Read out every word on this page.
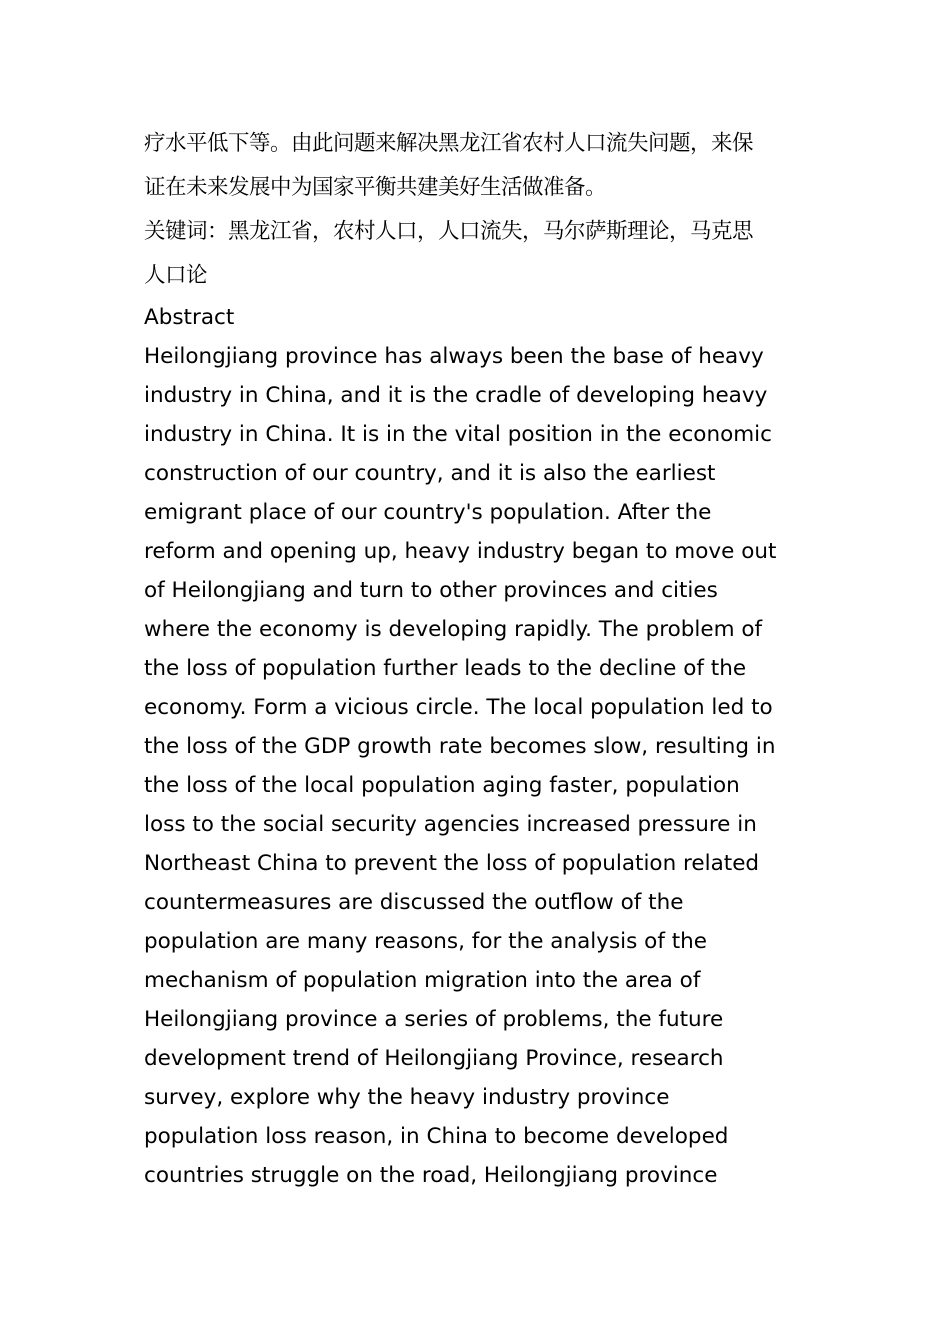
疗水平低下等。由此问题来解决黑龙江省农村人口流失问题，来保
证在未来发展中为国家平衡共建美好生活做准备。
关键词：黑龙江省，农村人口，人口流失，马尔萨斯理论，马克思
人口论
Abstract
Heilongjiang province has always been the base of heavy
industry in China, and it is the cradle of developing heavy
industry in China. It is in the vital position in the economic
construction of our country, and it is also the earliest
emigrant place of our country's population. After the
reform and opening up, heavy industry began to move out
of Heilongjiang and turn to other provinces and cities
where the economy is developing rapidly. The problem of
the loss of population further leads to the decline of the
economy. Form a vicious circle. The local population led to
the loss of the GDP growth rate becomes slow, resulting in
the loss of the local population aging faster, population
loss to the social security agencies increased pressure in
Northeast China to prevent the loss of population related
countermeasures are discussed the outflow of the
population are many reasons, for the analysis of the
mechanism of population migration into the area of
Heilongjiang province a series of problems, the future
development trend of Heilongjiang Province, research
survey, explore why the heavy industry province
population loss reason, in China to become developed
countries struggle on the road, Heilongjiang province
